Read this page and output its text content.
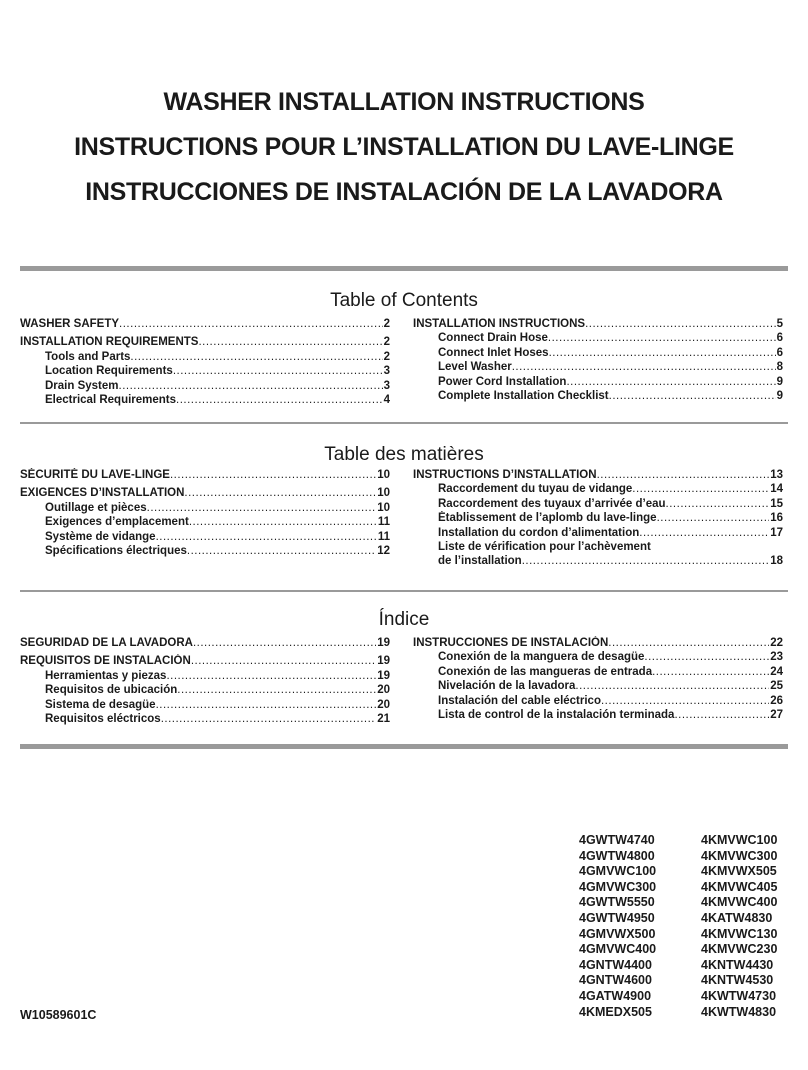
WASHER INSTALLATION INSTRUCTIONS
INSTRUCTIONS POUR L’INSTALLATION DU LAVE-LINGE
INSTRUCCIONES DE INSTALACIÓN DE LA LAVADORA
Table of Contents
WASHER SAFETY .....	2
INSTALLATION REQUIREMENTS .....	2
Tools and Parts .....	2
Location Requirements .....	3
Drain System .....	3
Electrical Requirements .....	4
INSTALLATION INSTRUCTIONS .....	5
Connect Drain Hose .....	6
Connect Inlet Hoses .....	6
Level Washer .....	8
Power Cord Installation .....	9
Complete Installation Checklist .....	9
Table des matières
SÉCURITÉ DU LAVE-LINGE .....	10
EXIGENCES D’INSTALLATION .....	10
Outillage et pièces .....	10
Exigences d’emplacement .....	11
Système de vidange .....	11
Spécifications électriques .....	12
INSTRUCTIONS D’INSTALLATION .....	13
Raccordement du tuyau de vidange .....	14
Raccordement des tuyaux d’arrivée d’eau .....	15
Établissement de l’aplomb du lave-linge .....	16
Installation du cordon d’alimentation .....	17
Liste de vérification pour l’achèvement
de l’installation .....	18
Índice
SEGURIDAD DE LA LAVADORA .....	19
REQUISITOS DE INSTALACIÓN .....	19
Herramientas y piezas .....	19
Requisitos de ubicación .....	20
Sistema de desagüe .....	20
Requisitos eléctricos .....	21
INSTRUCCIONES DE INSTALACIÓN .....	22
Conexión de la manguera de desagüe .....	23
Conexión de las mangueras de entrada .....	24
Nivelación de la lavadora .....	25
Instalación del cable eléctrico .....	26
Lista de control de la instalación terminada .....	27
4GWTW4740
4GWTW4800
4GMVWC100
4GMVWC300
4GWTW5550
4GWTW4950
4GMVWX500
4GMVWC400
4GNTW4400
4GNTW4600
4GATW4900
4KMEDX505
4KMVWC100
4KMVWC300
4KMVWX505
4KMVWC405
4KMVWC400
4KATW4830
4KMVWC130
4KMVWC230
4KNTW4430
4KNTW4530
4KWTW4730
4KWTW4830
W10589601C
